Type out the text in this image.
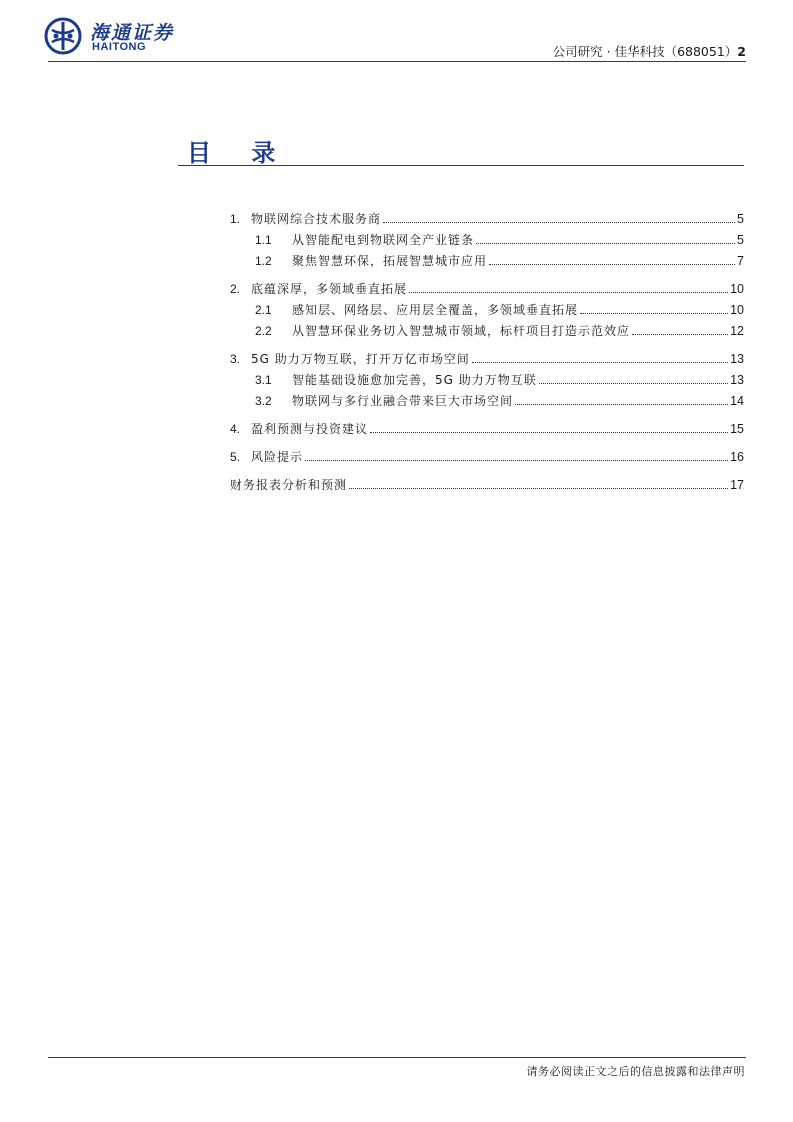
海通证券
HAITONG	公司研究 · 佳华科技（688051）2
目 录
1. 物联网综合技术服务商	5
1.1	从智能配电到物联网全产业链条	5
1.2	聚焦智慧环保，拓展智慧城市应用	7
2. 底蕴深厚，多领域垂直拓展	10
2.1	感知层、网络层、应用层全覆盖，多领域垂直拓展	10
2.2	从智慧环保业务切入智慧城市领域，标杆项目打造示范效应	12
3. 5G 助力万物互联，打开万亿市场空间	13
3.1	智能基础设施愈加完善，5G 助力万物互联	13
3.2	物联网与多行业融合带来巨大市场空间	14
4. 盈利预测与投资建议	15
5. 风险提示	16
财务报表分析和预测	17
请务必阅读正文之后的信息披露和法律声明
